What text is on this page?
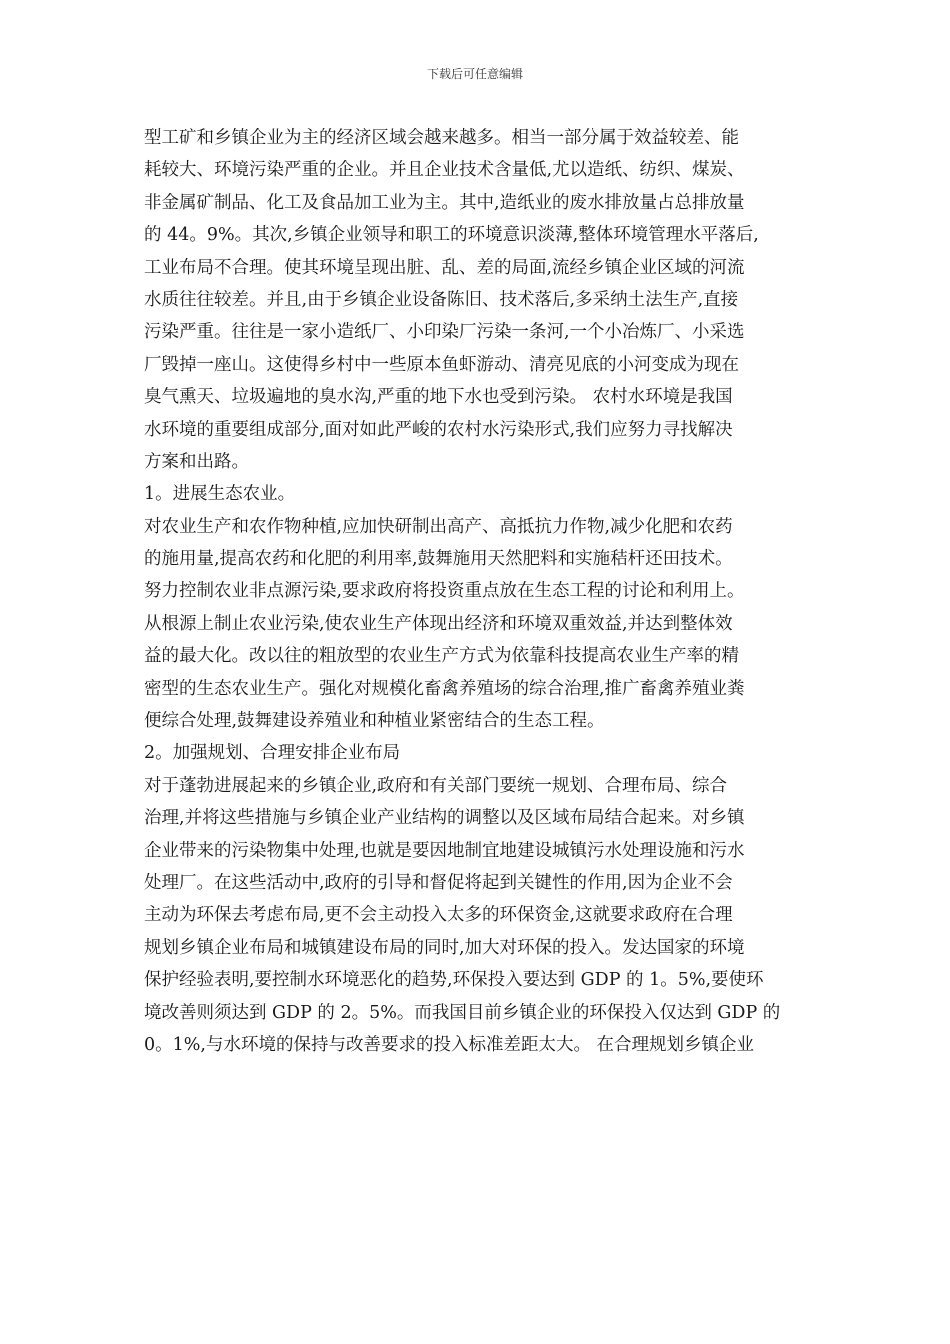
下载后可任意编辑
型工矿和乡镇企业为主的经济区域会越来越多。相当一部分属于效益较差、能
耗较大、环境污染严重的企业。并且企业技术含量低,尤以造纸、纺织、煤炭、
非金属矿制品、化工及食品加工业为主。其中,造纸业的废水排放量占总排放量
的 44。9%。其次,乡镇企业领导和职工的环境意识淡薄,整体环境管理水平落后,
工业布局不合理。使其环境呈现出脏、乱、差的局面,流经乡镇企业区域的河流
水质往往较差。并且,由于乡镇企业设备陈旧、技术落后,多采纳土法生产,直接
污染严重。往往是一家小造纸厂、小印染厂污染一条河,一个小冶炼厂、小采选
厂毁掉一座山。这使得乡村中一些原本鱼虾游动、清亮见底的小河变成为现在
臭气熏天、垃圾遍地的臭水沟,严重的地下水也受到污染。 农村水环境是我国
水环境的重要组成部分,面对如此严峻的农村水污染形式,我们应努力寻找解决
方案和出路。
1。进展生态农业。
对农业生产和农作物种植,应加快研制出高产、高抵抗力作物,减少化肥和农药
的施用量,提高农药和化肥的利用率,鼓舞施用天然肥料和实施秸杆还田技术。
努力控制农业非点源污染,要求政府将投资重点放在生态工程的讨论和利用上。
从根源上制止农业污染,使农业生产体现出经济和环境双重效益,并达到整体效
益的最大化。改以往的粗放型的农业生产方式为依靠科技提高农业生产率的精
密型的生态农业生产。强化对规模化畜禽养殖场的综合治理,推广畜禽养殖业粪
便综合处理,鼓舞建设养殖业和种植业紧密结合的生态工程。
2。加强规划、合理安排企业布局
对于蓬勃进展起来的乡镇企业,政府和有关部门要统一规划、合理布局、综合
治理,并将这些措施与乡镇企业产业结构的调整以及区域布局结合起来。对乡镇
企业带来的污染物集中处理,也就是要因地制宜地建设城镇污水处理设施和污水
处理厂。在这些活动中,政府的引导和督促将起到关键性的作用,因为企业不会
主动为环保去考虑布局,更不会主动投入太多的环保资金,这就要求政府在合理
规划乡镇企业布局和城镇建设布局的同时,加大对环保的投入。发达国家的环境
保护经验表明,要控制水环境恶化的趋势,环保投入要达到 GDP 的 1。5%,要使环
境改善则须达到 GDP 的 2。5%。而我国目前乡镇企业的环保投入仅达到 GDP 的
0。1%,与水环境的保持与改善要求的投入标准差距太大。 在合理规划乡镇企业
